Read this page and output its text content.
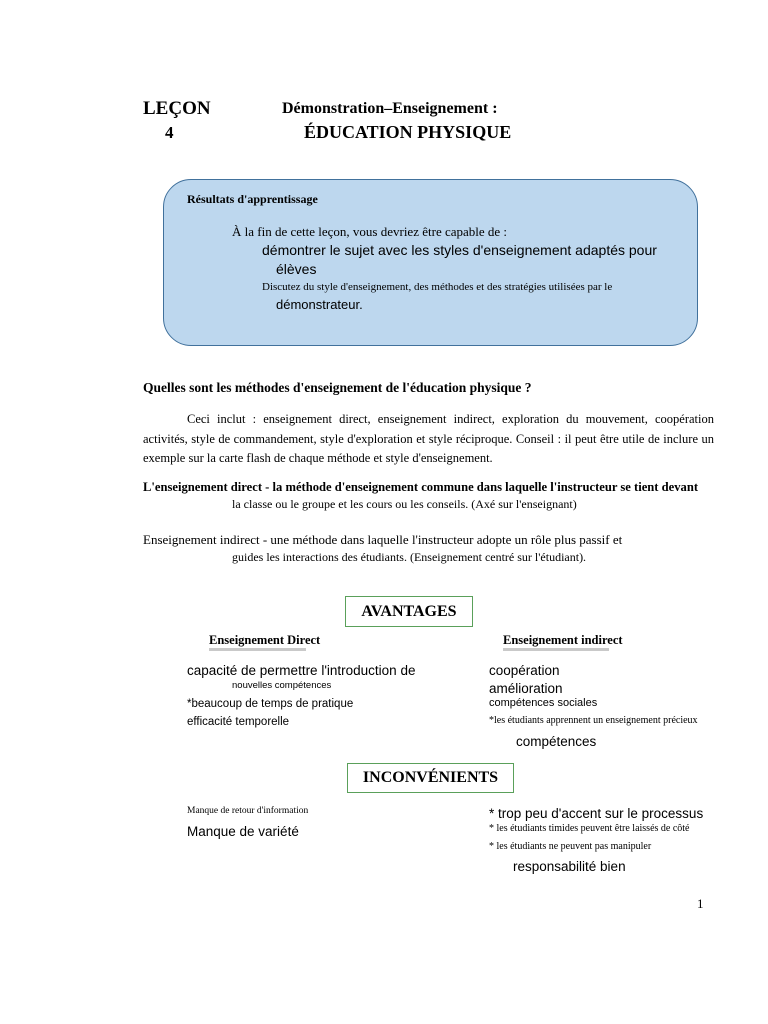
LEÇON
4
Démonstration–Enseignement :
ÉDUCATION PHYSIQUE
Résultats d'apprentissage
À la fin de cette leçon, vous devriez être capable de :
démontrer le sujet avec les styles d'enseignement adaptés pour
élèves
Discutez du style d'enseignement, des méthodes et des stratégies utilisées par le
démonstrateur.
Quelles sont les méthodes d'enseignement de l'éducation physique ?
Ceci inclut : enseignement direct, enseignement indirect, exploration du mouvement, coopération activités, style de commandement, style d'exploration et style réciproque. Conseil : il peut être utile de inclure un exemple sur la carte flash de chaque méthode et style d'enseignement.
L'enseignement direct - la méthode d'enseignement commune dans laquelle l'instructeur se tient devant
la classe ou le groupe et les cours ou les conseils. (Axé sur l'enseignant)
Enseignement indirect - une méthode dans laquelle l'instructeur adopte un rôle plus passif et
guides les interactions des étudiants. (Enseignement centré sur l'étudiant).
AVANTAGES
Enseignement Direct	Enseignement indirect
capacité de permettre l'introduction de
nouvelles compétences
*beaucoup de temps de pratique
efficacité temporelle
coopération
amélioration
compétences sociales
*les étudiants apprennent un enseignement précieux
compétences
INCONVÉNIENTS
Manque de retour d'information
Manque de variété
* trop peu d'accent sur le processus
* les étudiants timides peuvent être laissés de côté
* les étudiants ne peuvent pas manipuler
responsabilité bien
1
